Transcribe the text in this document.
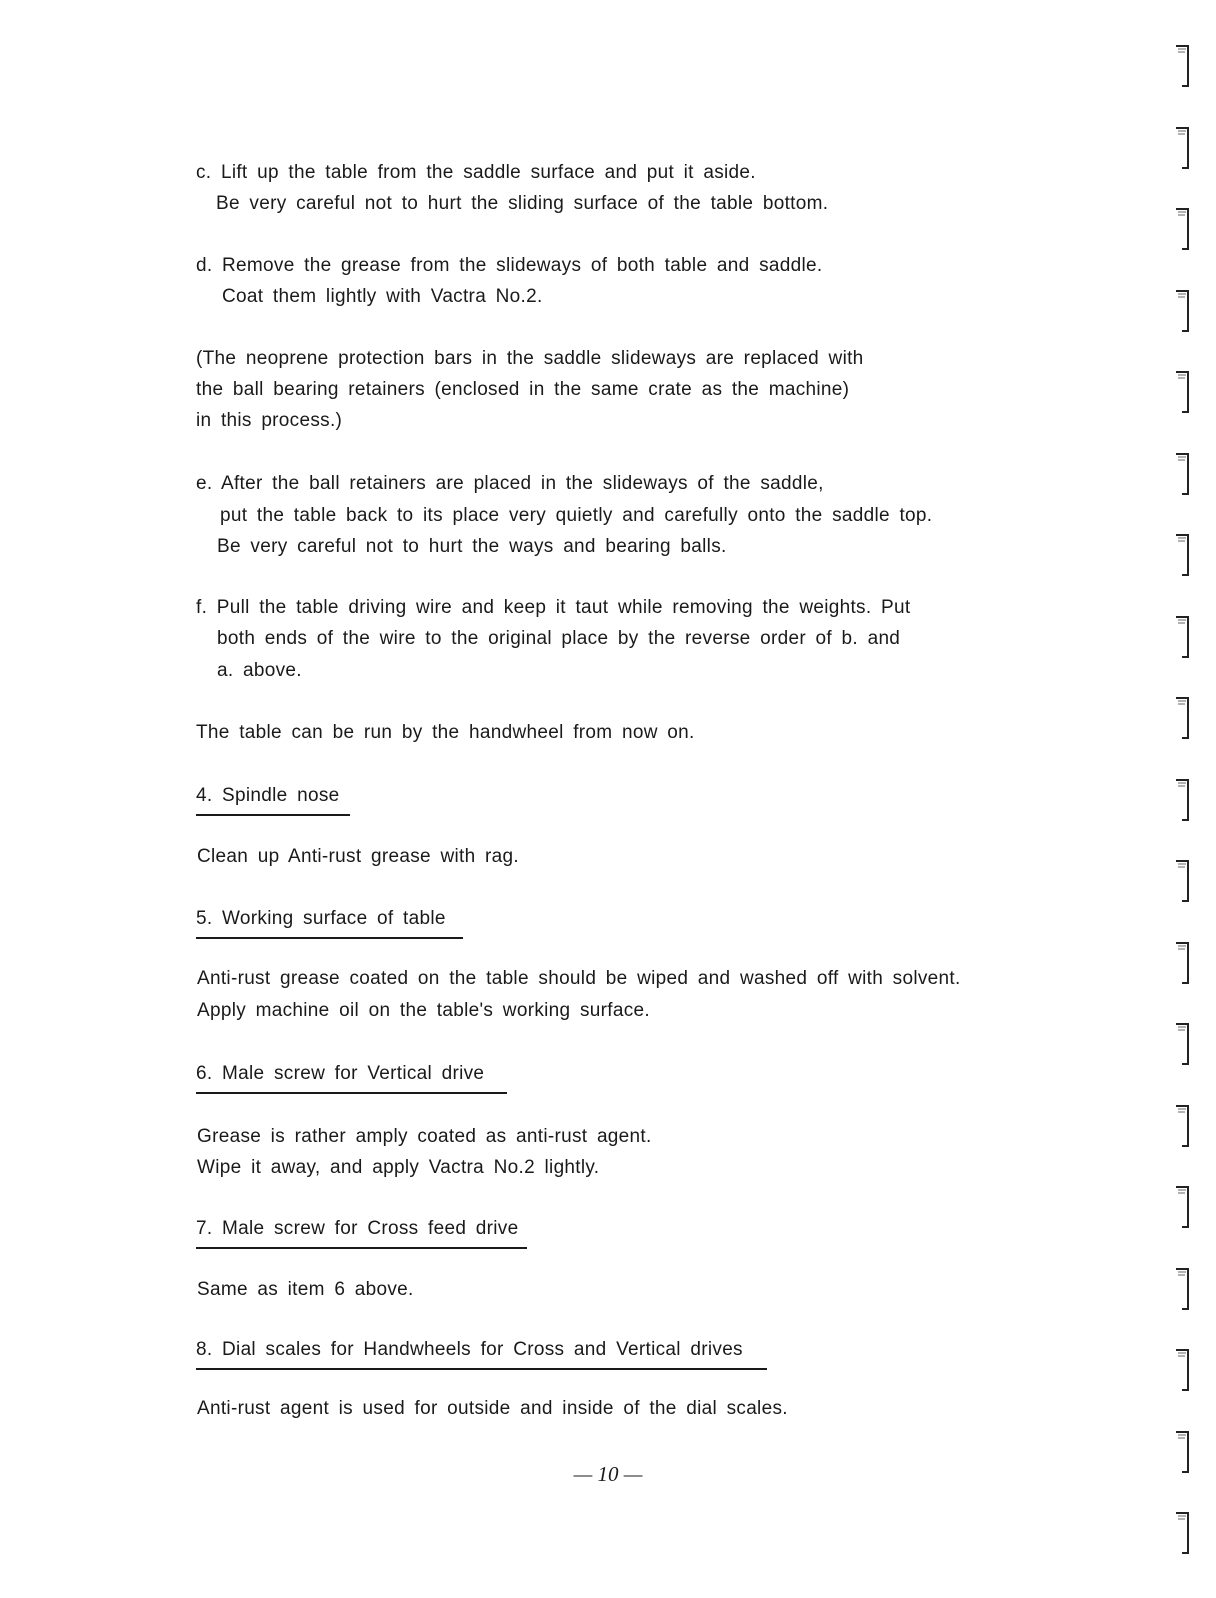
c. Lift up the table from the saddle surface and put it aside.
Be very careful not to hurt the sliding surface of the table bottom.
d. Remove the grease from the slideways of both table and saddle.
Coat them lightly with Vactra No.2.
(The neoprene protection bars in the saddle slideways are replaced with
the ball bearing retainers (enclosed in the same crate as the machine)
in this process.)
e. After the ball retainers are placed in the slideways of the saddle,
put the table back to its place very quietly and carefully onto the saddle top.
Be very careful not to hurt the ways and bearing balls.
f. Pull the table driving wire and keep it taut while removing the weights. Put
both ends of the wire to the original place by the reverse order of b. and
a. above.
The table can be run by the handwheel from now on.
4. Spindle nose
Clean up Anti-rust grease with rag.
5. Working surface of table
Anti-rust grease coated on the table should be wiped and washed off with solvent.
Apply machine oil on the table's working surface.
6. Male screw for Vertical drive
Grease is rather amply coated as anti-rust agent.
Wipe it away, and apply Vactra No.2 lightly.
7. Male screw for Cross feed drive
Same as item 6 above.
8. Dial scales for Handwheels for Cross and Vertical drives
Anti-rust agent is used for outside and inside of the dial scales.
— 10 —
